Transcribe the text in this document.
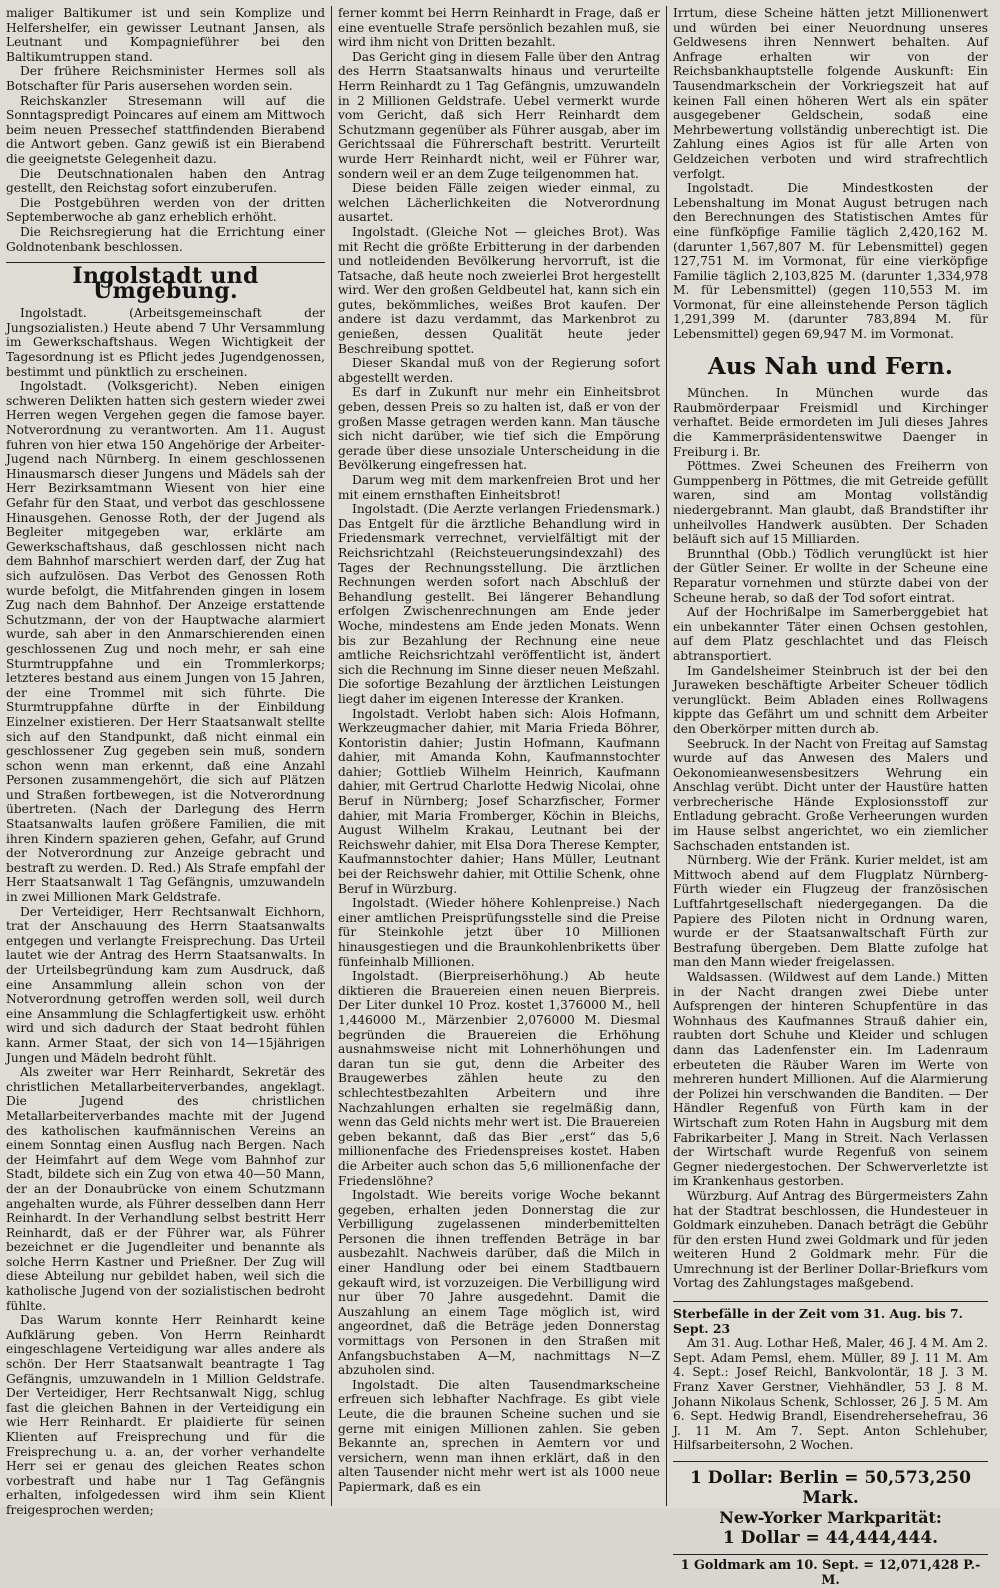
maliger Baltikumer ist und sein Komplize und Helfershelfer, ein gewisser Leutnant Jansen, als Leutnant und Kompagnieführer bei den Baltikumtruppen stand.

Der frühere Reichsminister Hermes soll als Botschafter für Paris ausersehen worden sein.

Reichskanzler Stresemann will auf die Sonntagspredigt Poincares auf einem am Mittwoch beim neuen Pressechef stattfindenden Bierabend die Antwort geben. Ganz gewiß ist ein Bierabend die geeignetste Gelegenheit dazu.

Die Deutschnationalen haben den Antrag gestellt, den Reichstag sofort einzuberufen.

Die Postgebühren werden von der dritten Septemberwoche ab ganz erheblich erhöht.

Die Reichsregierung hat die Errichtung einer Goldnotenbank beschlossen.

Ingolstadt und Umgebung.

Ingolstadt. (Arbeitsgemeinschaft der Jungsozialisten.) Heute abend 7 Uhr Versammlung im Gewerkschaftshaus. Wegen Wichtigkeit der Tagesordnung ist es Pflicht jedes Jugendgenossen, bestimmt und pünktlich zu erscheinen.

Ingolstadt. (Volksgericht). Neben einigen schweren Delikten hatten sich gestern wieder zwei Herren wegen Vergehen gegen die famose bayer. Notverordnung zu verantworten. Am 11. August fuhren von hier etwa 150 Angehörige der Arbeiter-Jugend nach Nürnberg. In einem geschlossenen Hinausmarsch dieser Jungens und Mädels sah der Herr Bezirksamtmann Wiesent von hier eine Gefahr für den Staat, und verbot das geschlossene Hinausgehen. Genosse Roth, der der Jugend als Begleiter mitgegeben war, erklärte am Gewerkschaftshaus, daß geschlossen nicht nach dem Bahnhof marschiert werden darf, der Zug hat sich aufzulösen. Das Verbot des Genossen Roth wurde befolgt, die Mitfahrenden gingen in losem Zug nach dem Bahnhof. Der Anzeige erstattende Schutzmann, der von der Hauptwache alarmiert wurde, sah aber in den Anmarschierenden einen geschlossenen Zug und noch mehr, er sah eine Sturmtruppfahne und ein Trommlerkorps; letzteres bestand aus einem Jungen von 15 Jahren, der eine Trommel mit sich führte. Die Sturmtruppfahne dürfte in der Einbildung Einzelner existieren. Der Herr Staatsanwalt stellte sich auf den Standpunkt, daß nicht einmal ein geschlossener Zug gegeben sein muß, sondern schon wenn man erkennt, daß eine Anzahl Personen zusammengehört, die sich auf Plätzen und Straßen fortbewegen, ist die Notverordnung übertreten. (Nach der Darlegung des Herrn Staatsanwalts laufen größere Familien, die mit ihren Kindern spazieren gehen, Gefahr, auf Grund der Notverordnung zur Anzeige gebracht und bestraft zu werden. D. Red.) Als Strafe empfahl der Herr Staatsanwalt 1 Tag Gefängnis, umzuwandeln in zwei Millionen Mark Geldstrafe.

Der Verteidiger, Herr Rechtsanwalt Eichhorn, trat der Anschauung des Herrn Staatsanwalts entgegen und verlangte Freisprechung. Das Urteil lautet wie der Antrag des Herrn Staatsanwalts. In der Urteilsbegründung kam zum Ausdruck, daß eine Ansammlung allein schon von der Notverordnung getroffen werden soll, weil durch eine Ansammlung die Schlagfertigkeit usw. erhöht wird und sich dadurch der Staat bedroht fühlen kann. Armer Staat, der sich von 14—15jährigen Jungen und Mädeln bedroht fühlt.

Als zweiter war Herr Reinhardt, Sekretär des christlichen Metallarbeiterverbandes, angeklagt. Die Jugend des christlichen Metallarbeiterverbandes machte mit der Jugend des katholischen kaufmännischen Vereins an einem Sonntag einen Ausflug nach Bergen. Nach der Heimfahrt auf dem Wege vom Bahnhof zur Stadt, bildete sich ein Zug von etwa 40—50 Mann, der an der Donaubrücke von einem Schutzmann angehalten wurde, als Führer desselben dann Herr Reinhardt. In der Verhandlung selbst bestritt Herr Reinhardt, daß er der Führer war, als Führer bezeichnet er die Jugendleiter und benannte als solche Herrn Kastner und Prießner. Der Zug will diese Abteilung nur gebildet haben, weil sich die katholische Jugend von der sozialistischen bedroht fühlte.

Das Warum konnte Herr Reinhardt keine Aufklärung geben. Von Herrn Reinhardt eingeschlagene Verteidigung war alles andere als schön. Der Herr Staatsanwalt beantragte 1 Tag Gefängnis, umzuwandeln in 1 Million Geldstrafe. Der Verteidiger, Herr Rechtsanwalt Nigg, schlug fast die gleichen Bahnen in der Verteidigung ein wie Herr Reinhardt. Er plaidierte für seinen Klienten auf Freisprechung und für die Freisprechung u. a. an, der vorher verhandelte Herr sei er genau des gleichen Reates schon vorbestraft und habe nur 1 Tag Gefängnis erhalten, infolgedessen wird ihm sein Klient freigesprochen werden;

ferner kommt bei Herrn Reinhardt in Frage, daß er eine eventuelle Strafe persönlich bezahlen muß, sie wird ihm nicht von Dritten bezahlt.

Das Gericht ging in diesem Falle über den Antrag des Herrn Staatsanwalts hinaus und verurteilte Herrn Reinhardt zu 1 Tag Gefängnis, umzuwandeln in 2 Millionen Geldstrafe. Uebel vermerkt wurde vom Gericht, daß sich Herr Reinhardt dem Schutzmann gegenüber als Führer ausgab, aber im Gerichtssaal die Führerschaft bestritt. Verurteilt wurde Herr Reinhardt nicht, weil er Führer war, sondern weil er an dem Zuge teilgenommen hat.

Diese beiden Fälle zeigen wieder einmal, zu welchen Lächerlichkeiten die Notverordnung ausartet.

Ingolstadt. (Gleiche Not — gleiches Brot). Was mit Recht die größte Erbitterung in der darbenden und notleidenden Bevölkerung hervorruft, ist die Tatsache, daß heute noch zweierlei Brot hergestellt wird. Wer den großen Geldbeutel hat, kann sich ein gutes, bekömmliches, weißes Brot kaufen. Der andere ist dazu verdammt, das Markenbrot zu genießen, dessen Qualität heute jeder Beschreibung spottet.

Dieser Skandal muß von der Regierung sofort abgestellt werden.

Es darf in Zukunft nur mehr ein Einheitsbrot geben, dessen Preis so zu halten ist, daß er von der großen Masse getragen werden kann. Man täusche sich nicht darüber, wie tief sich die Empörung gerade über diese unsoziale Unterscheidung in die Bevölkerung eingefressen hat.

Darum weg mit dem markenfreien Brot und her mit einem ernsthaften Einheitsbrot!

Ingolstadt. (Die Aerzte verlangen Friedensmark.) Das Entgelt für die ärztliche Behandlung wird in Friedensmark verrechnet, vervielfältigt mit der Reichsrichtzahl (Reichsteuerungsindexzahl) des Tages der Rechnungsstellung. Die ärztlichen Rechnungen werden sofort nach Abschluß der Behandlung gestellt. Bei längerer Behandlung erfolgen Zwischenrechnungen am Ende jeder Woche, mindestens am Ende jeden Monats. Wenn bis zur Bezahlung der Rechnung eine neue amtliche Reichsrichtzahl veröffentlicht ist, ändert sich die Rechnung im Sinne dieser neuen Meßzahl. Die sofortige Bezahlung der ärztlichen Leistungen liegt daher im eigenen Interesse der Kranken.

Ingolstadt. Verlobt haben sich: Alois Hofmann, Werkzeugmacher dahier, mit Maria Frieda Böhrer, Kontoristin dahier; Justin Hofmann, Kaufmann dahier, mit Amanda Kohn, Kaufmannstochter dahier; Gottlieb Wilhelm Heinrich, Kaufmann dahier, mit Gertrud Charlotte Hedwig Nicolai, ohne Beruf in Nürnberg; Josef Scharzfischer, Former dahier, mit Maria Fromberger, Köchin in Bleichs, August Wilhelm Krakau, Leutnant bei der Reichswehr dahier, mit Elsa Dora Therese Kempter, Kaufmannstochter dahier; Hans Müller, Leutnant bei der Reichswehr dahier, mit Ottilie Schenk, ohne Beruf in Würzburg.

Ingolstadt. (Wieder höhere Kohlenpreise.) Nach einer amtlichen Preisprüfungsstelle sind die Preise für Steinkohle jetzt über 10 Millionen hinausgestiegen und die Braunkohlenbriketts über fünfeinhalb Millionen.

Ingolstadt. (Bierpreiserhöhung.) Ab heute diktieren die Brauereien einen neuen Bierpreis. Der Liter dunkel 10 Proz. kostet 1,376000 M., hell 1,446000 M., Märzenbier 2,076000 M. Diesmal begründen die Brauereien die Erhöhung ausnahmsweise nicht mit Lohnerhöhungen und daran tun sie gut, denn die Arbeiter des Braugewerbes zählen heute zu den schlechtestbezahlten Arbeitern und ihre Nachzahlungen erhalten sie regelmäßig dann, wenn das Geld nichts mehr wert ist. Die Brauereien geben bekannt, daß das Bier „erst“ das 5,6 millionenfache des Friedenspreises kostet. Haben die Arbeiter auch schon das 5,6 millionenfache der Friedenslöhne?

Ingolstadt. Wie bereits vorige Woche bekannt gegeben, erhalten jeden Donnerstag die zur Verbilligung zugelassenen minderbemittelten Personen die ihnen treffenden Beträge in bar ausbezahlt. Nachweis darüber, daß die Milch in einer Handlung oder bei einem Stadtbauern gekauft wird, ist vorzuzeigen. Die Verbilligung wird nur über 70 Jahre ausgedehnt. Damit die Auszahlung an einem Tage möglich ist, wird angeordnet, daß die Beträge jeden Donnerstag vormittags von Personen in den Straßen mit Anfangsbuchstaben A—M, nachmittags N—Z abzuholen sind.

Ingolstadt. Die alten Tausendmarkscheine erfreuen sich lebhafter Nachfrage. Es gibt viele Leute, die die braunen Scheine suchen und sie gerne mit einigen Millionen zahlen. Sie geben Bekannte an, sprechen in Aemtern vor und versichern, wenn man ihnen erklärt, daß in den alten Tausender nicht mehr wert ist als 1000 neue Papiermark, daß es ein

Irrtum, diese Scheine hätten jetzt Millionenwert und würden bei einer Neuordnung unseres Geldwesens ihren Nennwert behalten. Auf Anfrage erhalten wir von der Reichsbankhauptstelle folgende Auskunft: Ein Tausendmarkschein der Vorkriegszeit hat auf keinen Fall einen höheren Wert als ein später ausgegebener Geldschein, sodaß eine Mehrbewertung vollständig unberechtigt ist. Die Zahlung eines Agios ist für alle Arten von Geldzeichen verboten und wird strafrechtlich verfolgt.

Ingolstadt. Die Mindestkosten der Lebenshaltung im Monat August betrugen nach den Berechnungen des Statistischen Amtes für eine fünfköpfige Familie täglich 2,420,162 M. (darunter 1,567,807 M. für Lebensmittel) gegen 127,751 M. im Vormonat, für eine vierköpfige Familie täglich 2,103,825 M. (darunter 1,334,978 M. für Lebensmittel) (gegen 110,553 M. im Vormonat, für eine alleinstehende Person täglich 1,291,399 M. (darunter 783,894 M. für Lebensmittel) gegen 69,947 M. im Vormonat.

Aus Nah und Fern.

München. In München wurde das Raubmörderpaar Freismidl und Kirchinger verhaftet. Beide ermordeten im Juli dieses Jahres die Kammerpräsidentenswitwe Daenger in Freiburg i. Br.

Pöttmes. Zwei Scheunen des Freiherrn von Gumppenberg in Pöttmes, die mit Getreide gefüllt waren, sind am Montag vollständig niedergebrannt. Man glaubt, daß Brandstifter ihr unheilvolles Handwerk ausübten. Der Schaden beläuft sich auf 15 Milliarden.

Brunnthal (Obb.) Tödlich verunglückt ist hier der Gütler Seiner. Er wollte in der Scheune eine Reparatur vornehmen und stürzte dabei von der Scheune herab, so daß der Tod sofort eintrat.

Auf der Hochrißalpe im Samerberggebiet hat ein unbekannter Täter einen Ochsen gestohlen, auf dem Platz geschlachtet und das Fleisch abtransportiert.

Im Gandelsheimer Steinbruch ist der bei den Juraweken beschäftigte Arbeiter Scheuer tödlich verunglückt. Beim Abladen eines Rollwagens kippte das Gefährt um und schnitt dem Arbeiter den Oberkörper mitten durch ab.

Seebruck. In der Nacht von Freitag auf Samstag wurde auf das Anwesen des Malers und Oekonomieanwesensbesitzers Wehrung ein Anschlag verübt. Dicht unter der Haustüre hatten verbrecherische Hände Explosionsstoff zur Entladung gebracht. Große Verheerungen wurden im Hause selbst angerichtet, wo ein ziemlicher Sachschaden entstanden ist.

Nürnberg. Wie der Fränk. Kurier meldet, ist am Mittwoch abend auf dem Flugplatz Nürnberg-Fürth wieder ein Flugzeug der französischen Luftfahrtgesellschaft niedergegangen. Da die Papiere des Piloten nicht in Ordnung waren, wurde er der Staatsanwaltschaft Fürth zur Bestrafung übergeben. Dem Blatte zufolge hat man den Mann wieder freigelassen.

Waldsassen. (Wildwest auf dem Lande.) Mitten in der Nacht drangen zwei Diebe unter Aufsprengen der hinteren Schupfentüre in das Wohnhaus des Kaufmannes Strauß dahier ein, raubten dort Schuhe und Kleider und schlugen dann das Ladenfenster ein. Im Ladenraum erbeuteten die Räuber Waren im Werte von mehreren hundert Millionen. Auf die Alarmierung der Polizei hin verschwanden die Banditen. — Der Händler Regenfuß von Fürth kam in der Wirtschaft zum Roten Hahn in Augsburg mit dem Fabrikarbeiter J. Mang in Streit. Nach Verlassen der Wirtschaft wurde Regenfuß von seinem Gegner niedergestochen. Der Schwerverletzte ist im Krankenhaus gestorben.

Würzburg. Auf Antrag des Bürgermeisters Zahn hat der Stadtrat beschlossen, die Hundesteuer in Goldmark einzuheben. Danach beträgt die Gebühr für den ersten Hund zwei Goldmark und für jeden weiteren Hund 2 Goldmark mehr. Für die Umrechnung ist der Berliner Dollar-Briefkurs vom Vortag des Zahlungstages maßgebend.

Sterbefälle in der Zeit vom 31. Aug. bis 7. Sept. 23

Am 31. Aug. Lothar Heß, Maler, 46 J. 4 M. Am 2. Sept. Adam Pemsl, ehem. Müller, 89 J. 11 M. Am 4. Sept.: Josef Reichl, Bankvolontär, 18 J. 3 M. Franz Xaver Gerstner, Viehhändler, 53 J. 8 M. Johann Nikolaus Schenk, Schlosser, 26 J. 5 M. Am 6. Sept. Hedwig Brandl, Eisendrehersehefrau, 36 J. 11 M. Am 7. Sept. Anton Schlehuber, Hilfsarbeitersohn, 2 Wochen.

1 Dollar: Berlin = 50,573,250 Mark.
New-Yorker Markparität:
1 Dollar = 44,444,444.
1 Goldmark am 10. Sept. = 12,071,428 P.-M.
